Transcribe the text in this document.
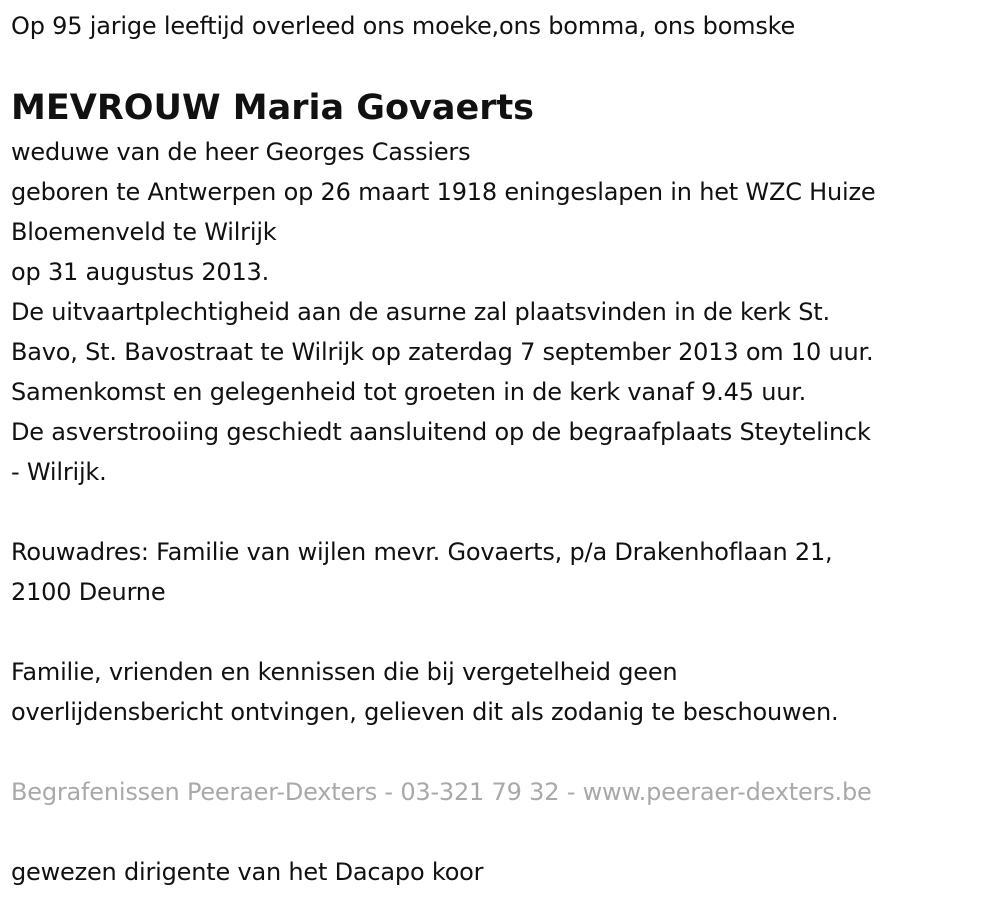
Op 95 jarige leeftijd overleed ons moeke,ons bomma, ons bomske
MEVROUW Maria Govaerts
weduwe van de heer Georges Cassiers
geboren te Antwerpen op 26 maart 1918 eningeslapen in het WZC Huize
Bloemenveld te Wilrijk
op 31 augustus 2013.
De uitvaartplechtigheid aan de asurne zal plaatsvinden in de kerk St.
Bavo, St. Bavostraat te Wilrijk op zaterdag 7 september 2013 om 10 uur.
Samenkomst en gelegenheid tot groeten in de kerk vanaf 9.45 uur.
De asverstrooiing geschiedt aansluitend op de begraafplaats Steytelinck
- Wilrijk.
Rouwadres: Familie van wijlen mevr. Govaerts, p/a Drakenhoflaan 21,
2100 Deurne
Familie, vrienden en kennissen die bij vergetelheid geen
overlijdensbericht ontvingen, gelieven dit als zodanig te beschouwen.
Begrafenissen Peeraer-Dexters - 03-321 79 32 - www.peeraer-dexters.be
gewezen dirigente van het Dacapo koor
